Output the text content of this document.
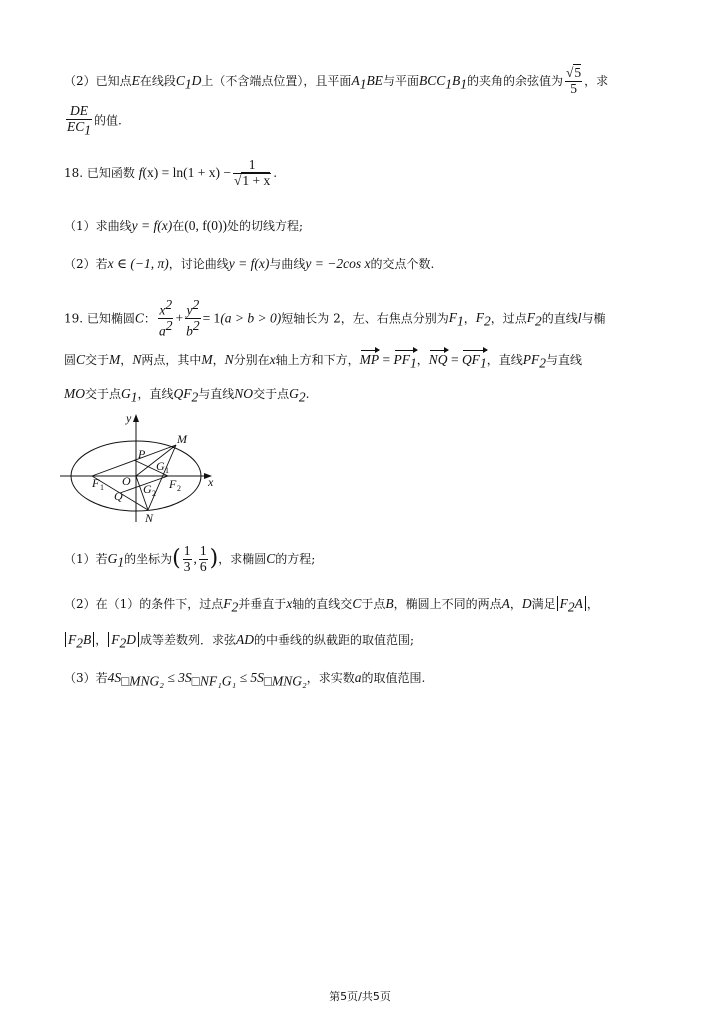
（2）已知点E在线段$C_1D$上（不含端点位置），且平面$A_1BE$与平面$BCC_1B_1$的夹角的余弦值为 $\frac{√5}{5}$ ，求
$\frac{DE}{EC_1}$ 的值.
18. 已知函数 $f(x) = \ln(1 + x) - \frac{1}{√1 + x}$ .
（1）求曲线y = f(x)在(0, f(0))处的切线方程;
（2）若x ∈ (−1, π)，讨论曲线y = f(x)与曲线y = −2cos x的交点个数.
19. 已知椭圆C： $\frac{x^2}{a^2} + \frac{y^2}{b^2} = 1(a > b > 0)$短轴长为 2，左、右焦点分别为$F_1$，$F_2$，过点$F_2$的直线l与椭
圆C交于M，N两点，其中M，N分别在x轴上方和下方，MP = $PF_1$，NQ = $QF_1$，直线$PF_2$与直线
MO交于点$G_1$，直线$QF_2$与直线NO交于点$G_2$.
y
x
M
P
G 1
O
F 1	F 2
Q G 2
N
（1）若$G_1$的坐标为( $\frac{1}{3}$ , $\frac{1}{6}$ )，求椭圆C的方程;
（2）在（1）的条件下，过点$F_2$并垂直于x轴的直线交C于点B，椭圆上不同的两点A，D满足 $F_2A$ ，
$F_2B$ ， $F_2D$ 成等差数列．求弦AD的中垂线的纵截距的取值范围;
（3）若$4S_{□MNG_2} \le 3S_{□NF_1G_1} \le 5S_{□MNG_2}$，求实数a的取值范围.
第5页/共5页
